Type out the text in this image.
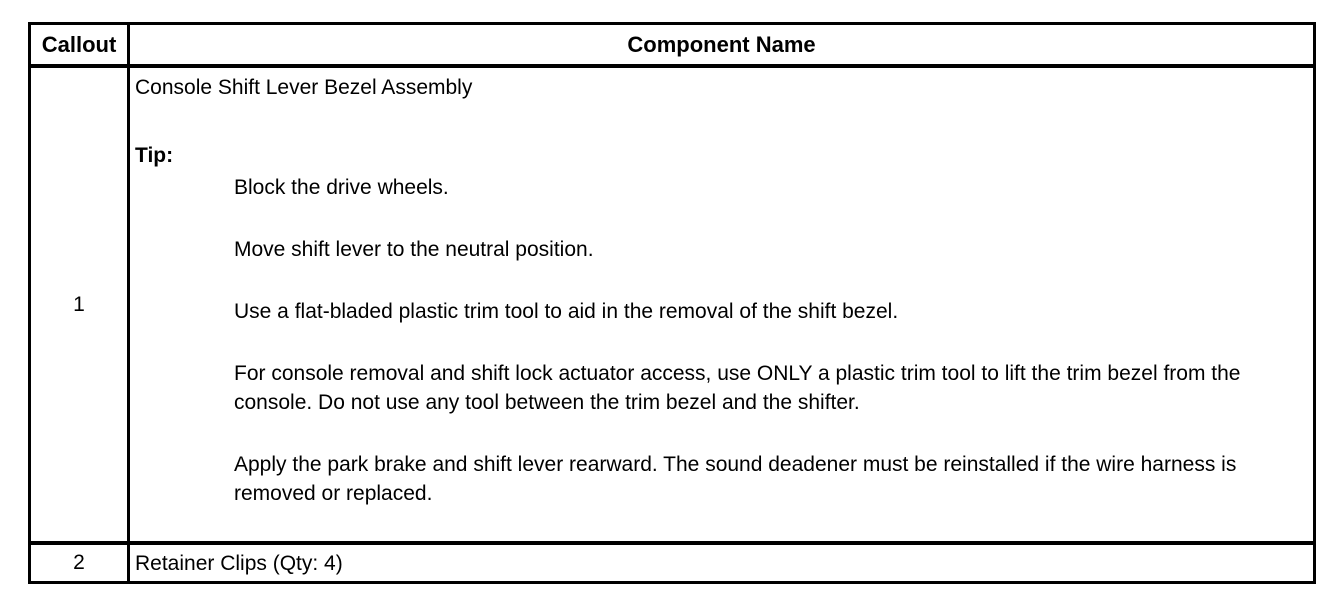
Callout	Component Name
1
Console Shift Lever Bezel Assembly
Tip:

Block the drive wheels.

Move shift lever to the neutral position.

Use a flat-bladed plastic trim tool to aid in the removal of the shift bezel.

For console removal and shift lock actuator access, use ONLY a plastic trim tool to lift the trim bezel from the console. Do not use any tool between the trim bezel and the shifter.

Apply the park brake and shift lever rearward. The sound deadener must be reinstalled if the wire harness is removed or replaced.

2	Retainer Clips (Qty: 4)
